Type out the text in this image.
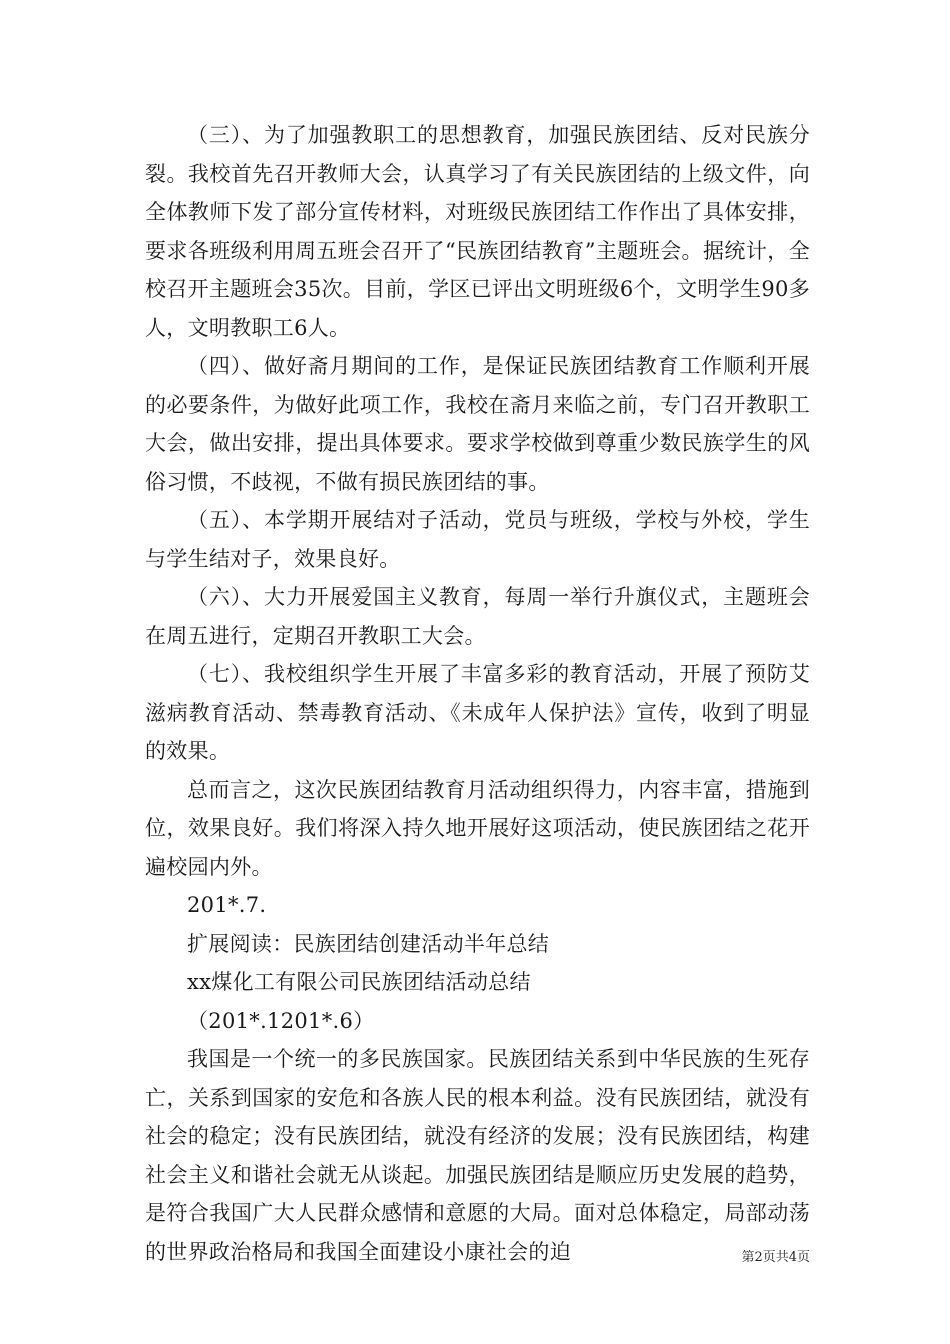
（三）、为了加强教职工的思想教育，加强民族团结、反对民族分裂。我校首先召开教师大会，认真学习了有关民族团结的上级文件，向全体教师下发了部分宣传材料，对班级民族团结工作作出了具体安排，要求各班级利用周五班会召开了“民族团结教育”主题班会。据统计，全校召开主题班会35次。目前，学区已评出文明班级6个，文明学生90多人，文明教职工6人。

（四）、做好斋月期间的工作，是保证民族团结教育工作顺利开展的必要条件，为做好此项工作，我校在斋月来临之前，专门召开教职工大会，做出安排，提出具体要求。要求学校做到尊重少数民族学生的风俗习惯，不歧视，不做有损民族团结的事。

（五）、本学期开展结对子活动，党员与班级，学校与外校，学生与学生结对子，效果良好。

（六）、大力开展爱国主义教育，每周一举行升旗仪式，主题班会在周五进行，定期召开教职工大会。

（七）、我校组织学生开展了丰富多彩的教育活动，开展了预防艾滋病教育活动、禁毒教育活动、《未成年人保护法》宣传，收到了明显的效果。

总而言之，这次民族团结教育月活动组织得力，内容丰富，措施到位，效果良好。我们将深入持久地开展好这项活动，使民族团结之花开遍校园内外。

201*.7.

扩展阅读：民族团结创建活动半年总结

xx煤化工有限公司民族团结活动总结

（201*.1201*.6）

我国是一个统一的多民族国家。民族团结关系到中华民族的生死存亡，关系到国家的安危和各族人民的根本利益。没有民族团结，就没有社会的稳定；没有民族团结，就没有经济的发展；没有民族团结，构建社会主义和谐社会就无从谈起。加强民族团结是顺应历史发展的趋势，是符合我国广大人民群众感情和意愿的大局。面对总体稳定，局部动荡的世界政治格局和我国全面建设小康社会的迫	第2页共4页
